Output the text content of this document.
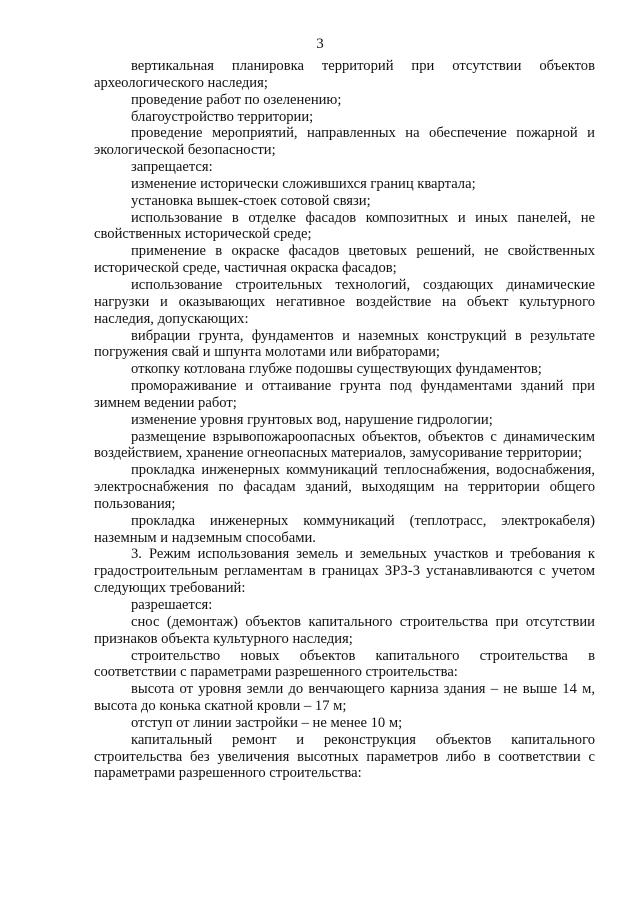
3

вертикальная планировка территорий при отсутствии объектов археологического наследия;

проведение работ по озеленению;

благоустройство территории;

проведение мероприятий, направленных на обеспечение пожарной и экологической безопасности;

запрещается:

изменение исторически сложившихся границ квартала;

установка вышек-стоек сотовой связи;

использование в отделке фасадов композитных и иных панелей, не свойственных исторической среде;

применение в окраске фасадов цветовых решений, не свойственных исторической среде, частичная окраска фасадов;

использование строительных технологий, создающих динамические нагрузки и оказывающих негативное воздействие на объект культурного наследия, допускающих:

вибрации грунта, фундаментов и наземных конструкций в результате погружения свай и шпунта молотами или вибраторами;

откопку котлована глубже подошвы существующих фундаментов;

промораживание и оттаивание грунта под фундаментами зданий при зимнем ведении работ;

изменение уровня грунтовых вод, нарушение гидрологии;

размещение взрывопожароопасных объектов, объектов с динамическим воздействием, хранение огнеопасных материалов, замусоривание территории;

прокладка инженерных коммуникаций теплоснабжения, водоснабжения, электроснабжения по фасадам зданий, выходящим на территории общего пользования;

прокладка инженерных коммуникаций (теплотрасс, электрокабеля) наземным и надземным способами.

3. Режим использования земель и земельных участков и требования к градостроительным регламентам в границах ЗРЗ-3 устанавливаются с учетом следующих требований:

разрешается:

снос (демонтаж) объектов капитального строительства при отсутствии признаков объекта культурного наследия;

строительство новых объектов капитального строительства в соответствии с параметрами разрешенного строительства:

высота от уровня земли до венчающего карниза здания – не выше 14 м, высота до конька скатной кровли – 17 м;

отступ от линии застройки – не менее 10 м;

капитальный ремонт и реконструкция объектов капитального строительства без увеличения высотных параметров либо в соответствии с параметрами разрешенного строительства:
